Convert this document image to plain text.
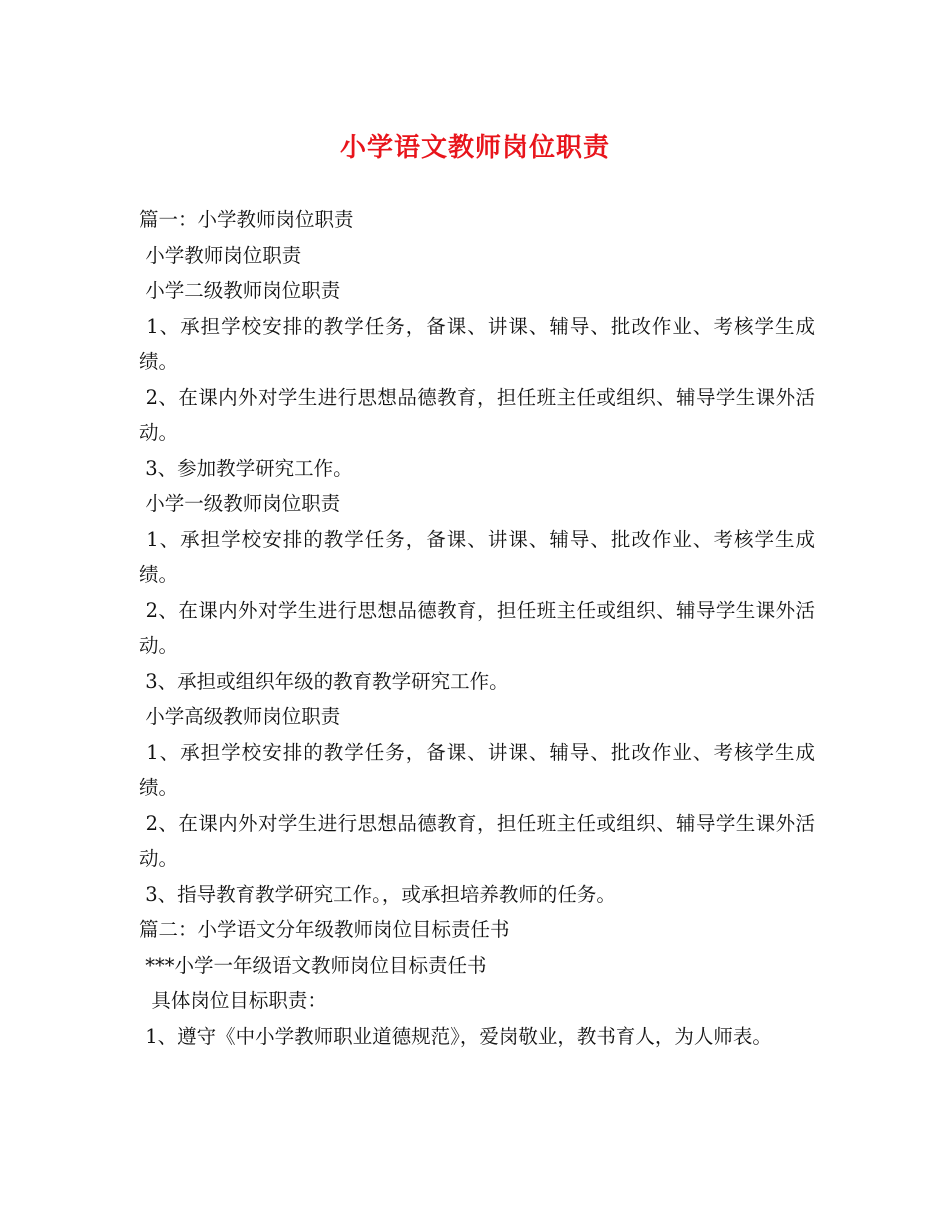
小学语文教师岗位职责

篇一：小学教师岗位职责

小学教师岗位职责

小学二级教师岗位职责

1、承担学校安排的教学任务，备课、讲课、辅导、批改作业、考核学生成绩。

2、在课内外对学生进行思想品德教育，担任班主任或组织、辅导学生课外活动。

3、参加教学研究工作。

小学一级教师岗位职责

1、承担学校安排的教学任务，备课、讲课、辅导、批改作业、考核学生成绩。

2、在课内外对学生进行思想品德教育，担任班主任或组织、辅导学生课外活动。

3、承担或组织年级的教育教学研究工作。

小学高级教师岗位职责

1、承担学校安排的教学任务，备课、讲课、辅导、批改作业、考核学生成绩。

2、在课内外对学生进行思想品德教育，担任班主任或组织、辅导学生课外活动。

3、指导教育教学研究工作。，或承担培养教师的任务。

篇二：小学语文分年级教师岗位目标责任书

***小学一年级语文教师岗位目标责任书

具体岗位目标职责：

1、遵守《中小学教师职业道德规范》，爱岗敬业，教书育人，为人师表。
